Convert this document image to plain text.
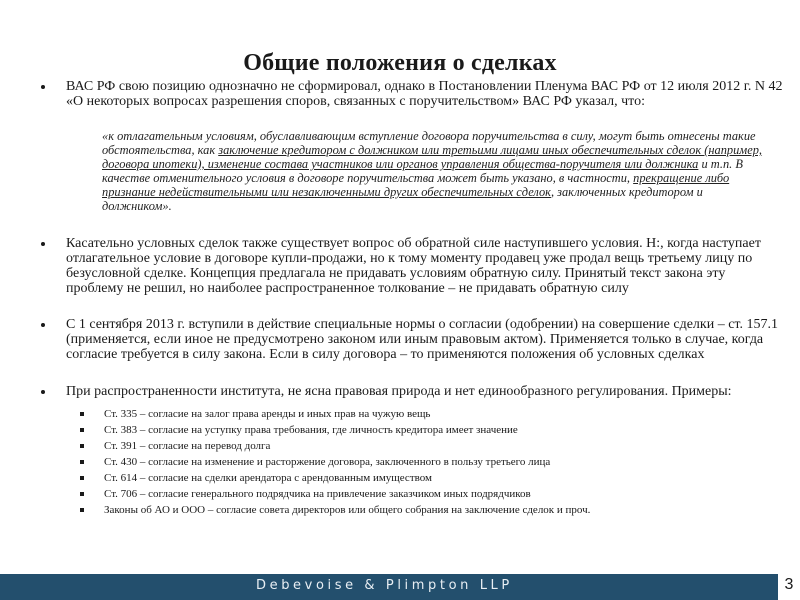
Общие положения о сделках
ВАС РФ свою позицию однозначно не сформировал, однако в Постановлении Пленума ВАС РФ от 12 июля 2012 г. N 42 «О некоторых вопросах разрешения споров, связанных с поручительством» ВАС РФ указал, что:
«к отлагательным условиям, обуславливающим вступление договора поручительства в силу, могут быть отнесены такие обстоятельства, как заключение кредитором с должником или третьими лицами иных обеспечительных сделок (например, договора ипотеки), изменение состава участников или органов управления общества-поручителя или должника и т.п. В качестве отменительного условия в договоре поручительства может быть указано, в частности, прекращение либо признание недействительными или незаключенными других обеспечительных сделок, заключенных кредитором и должником».
Касательно условных сделок также существует вопрос об обратной силе наступившего условия. Н:, когда наступает отлагательное условие в договоре купли-продажи, но к тому моменту продавец уже продал вещь третьему лицу по безусловной сделке. Концепция предлагала не придавать условиям обратную силу. Принятый текст закона эту проблему не решил, но наиболее распространенное толкование – не придавать обратную силу
С 1 сентября 2013 г. вступили в действие специальные нормы о согласии (одобрении) на совершение сделки – ст. 157.1 (применяется, если иное не предусмотрено законом или иным правовым актом). Применяется только в случае, когда согласие требуется в силу закона. Если в силу договора – то применяются положения об условных сделках
При распространенности института, не ясна правовая природа и нет единообразного регулирования. Примеры:
Ст. 335 – согласие на залог права аренды и иных прав на чужую вещь
Ст. 383 – согласие на уступку права требования, где личность кредитора имеет значение
Ст. 391 – согласие на перевод долга
Ст. 430 – согласие на изменение и расторжение договора, заключенного в пользу третьего лица
Ст. 614 – согласие на сделки арендатора с арендованным имуществом
Ст. 706 – согласие генерального подрядчика на привлечение заказчиком иных подрядчиков
Законы об АО и ООО – согласие совета директоров или общего собрания на заключение сделок и проч.
Debevoise & Plimpton LLP	3
